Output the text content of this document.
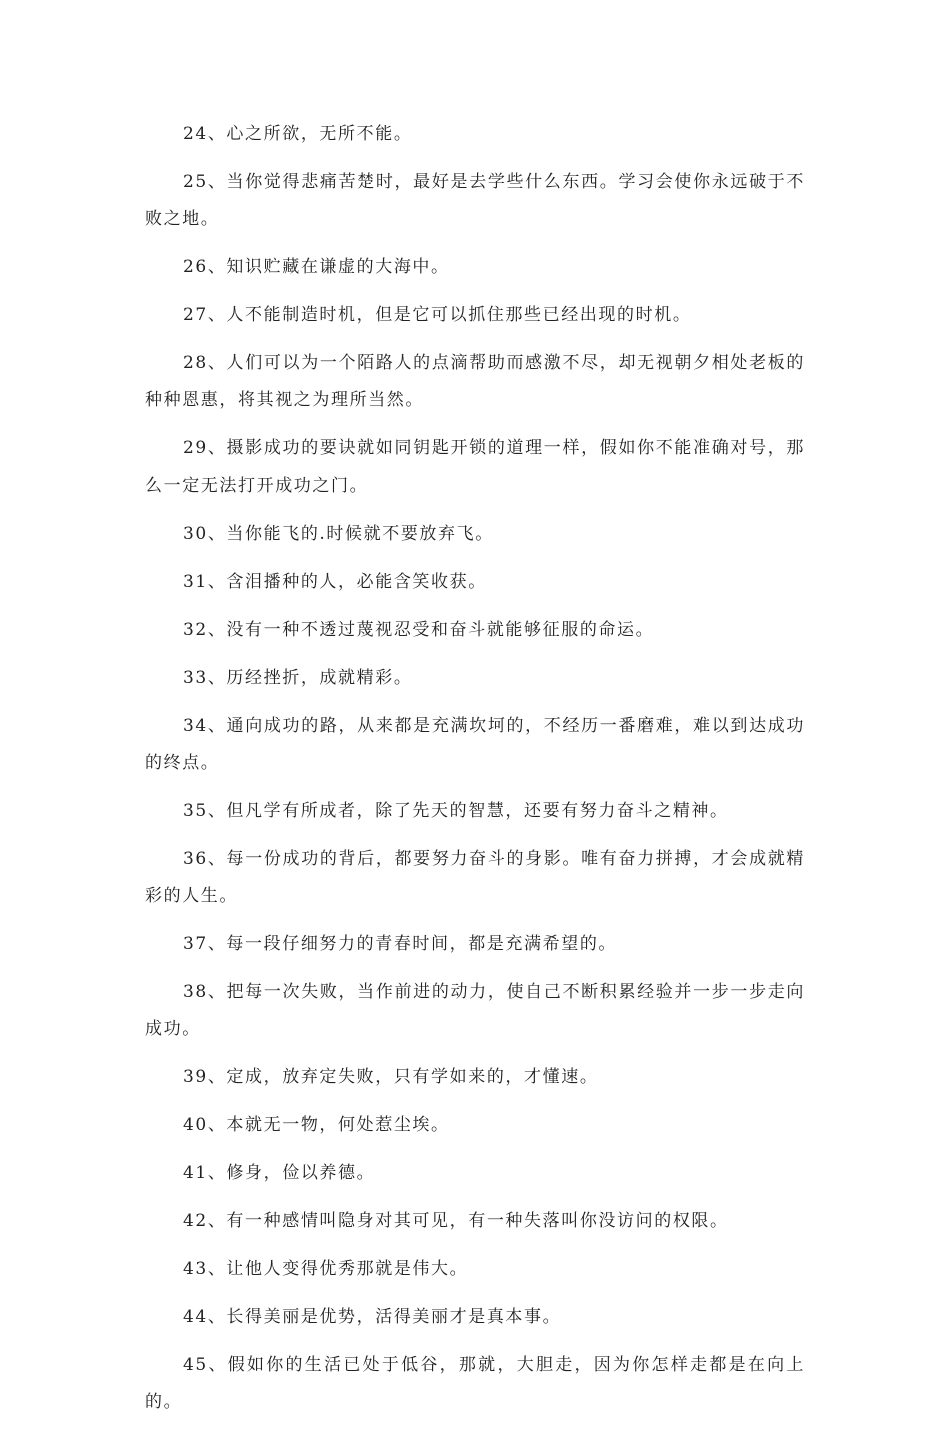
24、心之所欲，无所不能。

25、当你觉得悲痛苦楚时，最好是去学些什么东西。学习会使你永远破于不败之地。

26、知识贮藏在谦虚的大海中。

27、人不能制造时机，但是它可以抓住那些已经出现的时机。

28、人们可以为一个陌路人的点滴帮助而感激不尽，却无视朝夕相处老板的种种恩惠，将其视之为理所当然。

29、摄影成功的要诀就如同钥匙开锁的道理一样，假如你不能准确对号，那么一定无法打开成功之门。

30、当你能飞的.时候就不要放弃飞。

31、含泪播种的人，必能含笑收获。

32、没有一种不透过蔑视忍受和奋斗就能够征服的命运。

33、历经挫折，成就精彩。

34、通向成功的路，从来都是充满坎坷的，不经历一番磨难，难以到达成功的终点。

35、但凡学有所成者，除了先天的智慧，还要有努力奋斗之精神。

36、每一份成功的背后，都要努力奋斗的身影。唯有奋力拼搏，才会成就精彩的人生。

37、每一段仔细努力的青春时间，都是充满希望的。

38、把每一次失败，当作前进的动力，使自己不断积累经验并一步一步走向成功。

39、定成，放弃定失败，只有学如来的，才懂速。

40、本就无一物，何处惹尘埃。

41、修身，俭以养德。

42、有一种感情叫隐身对其可见，有一种失落叫你没访问的权限。

43、让他人变得优秀那就是伟大。

44、长得美丽是优势，活得美丽才是真本事。

45、假如你的生活已处于低谷，那就，大胆走，因为你怎样走都是在向上的。
